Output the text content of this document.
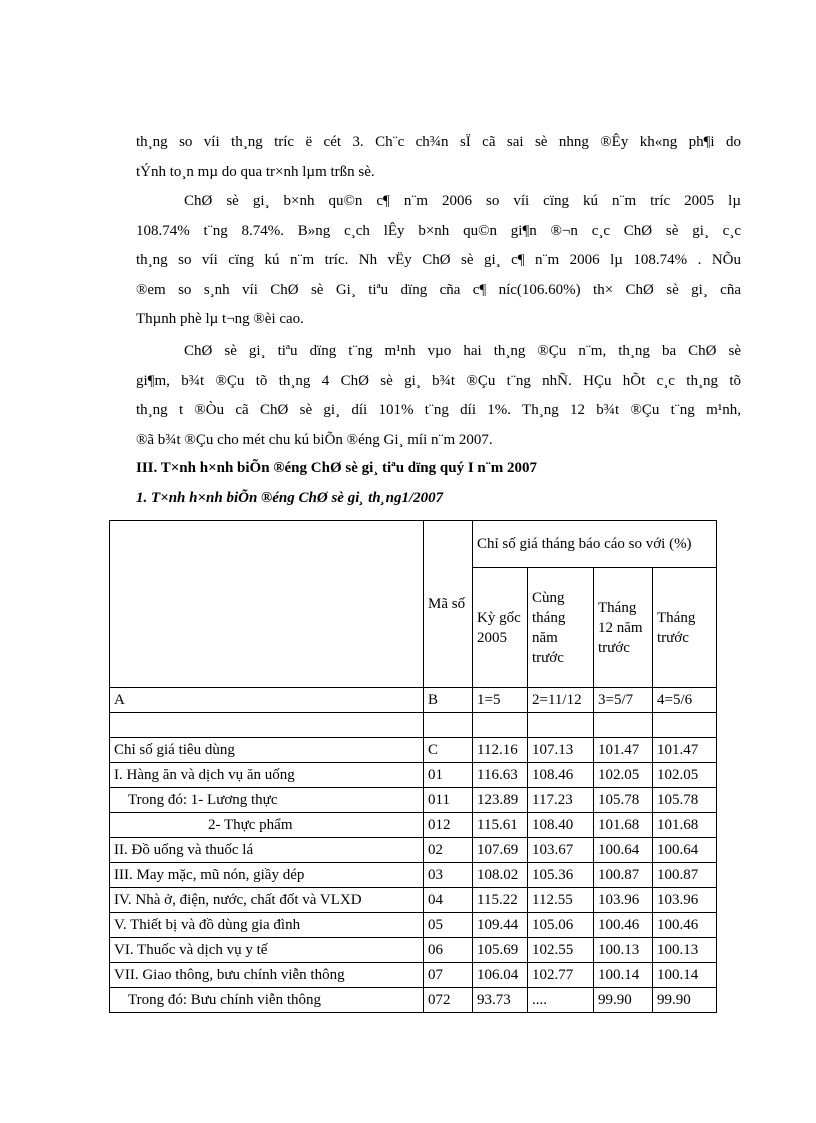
th¸ng so víi th¸ng tríc ë cét 3. Ch¨c ch¾n sÏ cã sai sè nhng ®Êy kh«ng ph¶i do
tÝnh to¸n mµ do qua tr×nh lµm trßn sè.
ChØ sè gi¸ b×nh qu©n c¶ n¨m 2006 so víi cïng kú n¨m tríc 2005 lµ
108.74% t¨ng 8.74%. B»ng c¸ch lÊy b×nh qu©n gi¶n ®¬n c¸c ChØ sè gi¸ c¸c
th¸ng so víi cïng kú n¨m tríc. Nh vËy ChØ sè gi¸ c¶ n¨m 2006 lµ 108.74% . NÕu
®em so s¸nh víi ChØ sè Gi¸ tiªu dïng cña c¶ níc(106.60%) th× ChØ sè gi¸ cña
Thµnh phè lµ t¬ng ®èi cao.
ChØ sè gi¸ tiªu dïng t¨ng m¹nh vµo hai th¸ng ®Çu n¨m, th¸ng ba ChØ sè
gi¶m, b¾t ®Çu tõ th¸ng 4 ChØ sè gi¸ b¾t ®Çu t¨ng nhÑ. HÇu hÕt c¸c th¸ng tõ
th¸ng t ®Òu cã ChØ sè gi¸ díi 101% t¨ng díi 1%. Th¸ng 12 b¾t ®Çu t¨ng m¹nh,
®ã b¾t ®Çu cho mét chu kú biÕn ®éng Gi¸ míi n¨m 2007.
III. T×nh h×nh biÕn ®éng ChØ sè gi¸ tiªu dïng quý I n¨m 2007
1. T×nh h×nh biÕn ®éng ChØ sè gi¸ th¸ng1/2007
	Mã số	Chỉ số giá tháng báo cáo so với (%)			
		Kỳ gốc 2005	Cùng tháng năm trước	Tháng 12 năm trước	Tháng trước
A	B	1=5	2=11/12	3=5/7	4=5/6

Chỉ số giá tiêu dùng	C	112.16	107.13	101.47	101.47
I. Hàng ăn và dịch vụ ăn uống	01	116.63	108.46	102.05	102.05
Trong đó: 1- Lương thực	011	123.89	117.23	105.78	105.78
2- Thực phẩm	012	115.61	108.40	101.68	101.68
II. Đồ uống và thuốc lá	02	107.69	103.67	100.64	100.64
III. May mặc, mũ nón, giầy dép	03	108.02	105.36	100.87	100.87
IV. Nhà ở, điện, nước, chất đốt và VLXD	04	115.22	112.55	103.96	103.96
V. Thiết bị và đồ dùng gia đình	05	109.44	105.06	100.46	100.46
VI. Thuốc và dịch vụ y tế	06	105.69	102.55	100.13	100.13
VII. Giao thông, bưu chính viễn thông	07	106.04	102.77	100.14	100.14
Trong đó: Bưu chính viễn thông	072	93.73	....	99.90	99.90
